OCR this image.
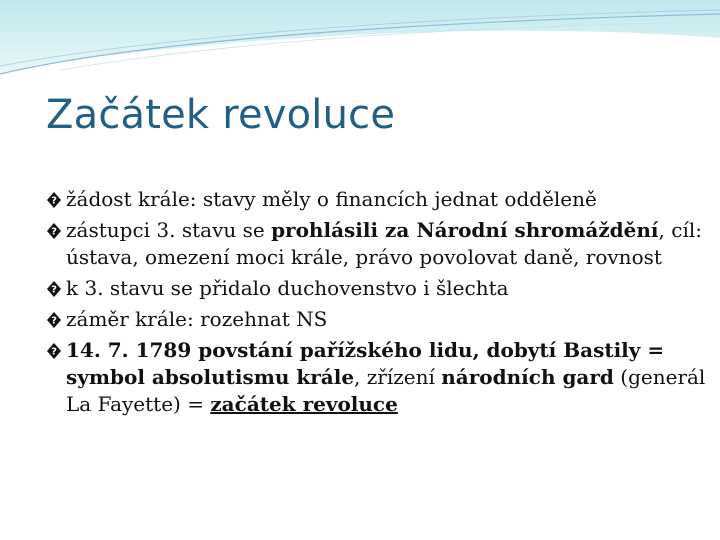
Začátek revoluce
? žádost krále: stavy měly o financích jednat odděleně
? zástupci 3. stavu se prohlásili za Národní shromáždění, cíl: ústava, omezení moci krále, právo povolovat daně, rovnost
? k 3. stavu se přidalo duchovenstvo i šlechta
? záměr krále: rozehnat NS
? 14. 7. 1789 povstání pařížského lidu, dobytí Bastily = symbol absolutismu krále, zřízení národních gard (generál La Fayette) = začátek revoluce
